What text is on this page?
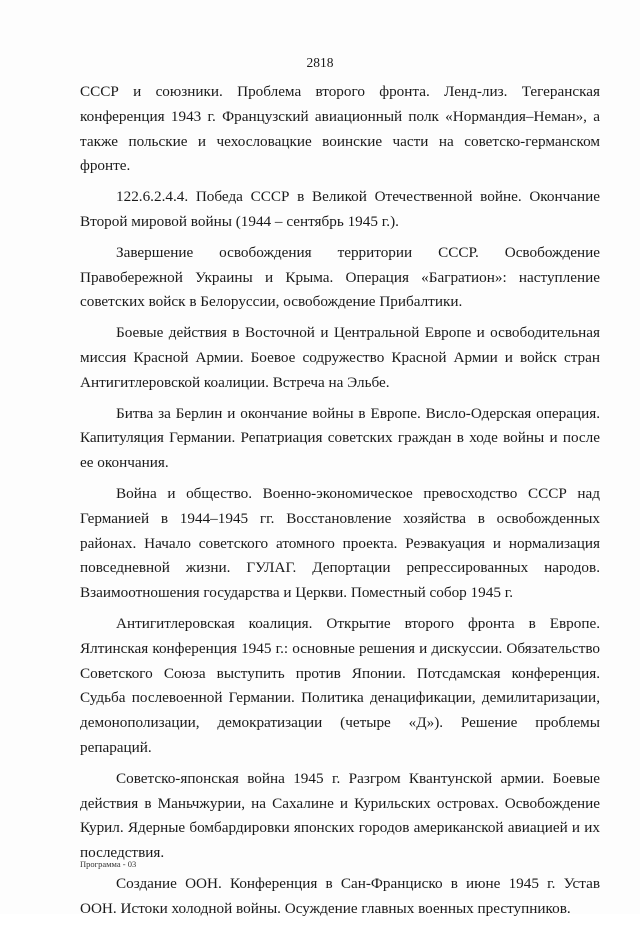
2818

СССР и союзники. Проблема второго фронта. Ленд-лиз. Тегеранская конференция 1943 г. Французский авиационный полк «Нормандия–Неман», а также польские и чехословацкие воинские части на советско-германском фронте.

122.6.2.4.4. Победа СССР в Великой Отечественной войне. Окончание Второй мировой войны (1944 – сентябрь 1945 г.).

Завершение освобождения территории СССР. Освобождение Правобережной Украины и Крыма. Операция «Багратион»: наступление советских войск в Белоруссии, освобождение Прибалтики.

Боевые действия в Восточной и Центральной Европе и освободительная миссия Красной Армии. Боевое содружество Красной Армии и войск стран Антигитлеровской коалиции. Встреча на Эльбе.

Битва за Берлин и окончание войны в Европе. Висло-Одерская операция. Капитуляция Германии. Репатриация советских граждан в ходе войны и после ее окончания.

Война и общество. Военно-экономическое превосходство СССР над Германией в 1944–1945 гг. Восстановление хозяйства в освобожденных районах. Начало советского атомного проекта. Реэвакуация и нормализация повседневной жизни. ГУЛАГ. Депортации репрессированных народов. Взаимоотношения государства и Церкви. Поместный собор 1945 г.

Антигитлеровская коалиция. Открытие второго фронта в Европе. Ялтинская конференция 1945 г.: основные решения и дискуссии. Обязательство Советского Союза выступить против Японии. Потсдамская конференция. Судьба послевоенной Германии. Политика денацификации, демилитаризации, демонополизации, демократизации (четыре «Д»). Решение проблемы репараций.

Советско-японская война 1945 г. Разгром Квантунской армии. Боевые действия в Маньчжурии, на Сахалине и Курильских островах. Освобождение Курил. Ядерные бомбардировки японских городов американской авиацией и их последствия.

Создание ООН. Конференция в Сан-Франциско в июне 1945 г. Устав ООН. Истоки холодной войны. Осуждение главных военных преступников.

Программа - 03
